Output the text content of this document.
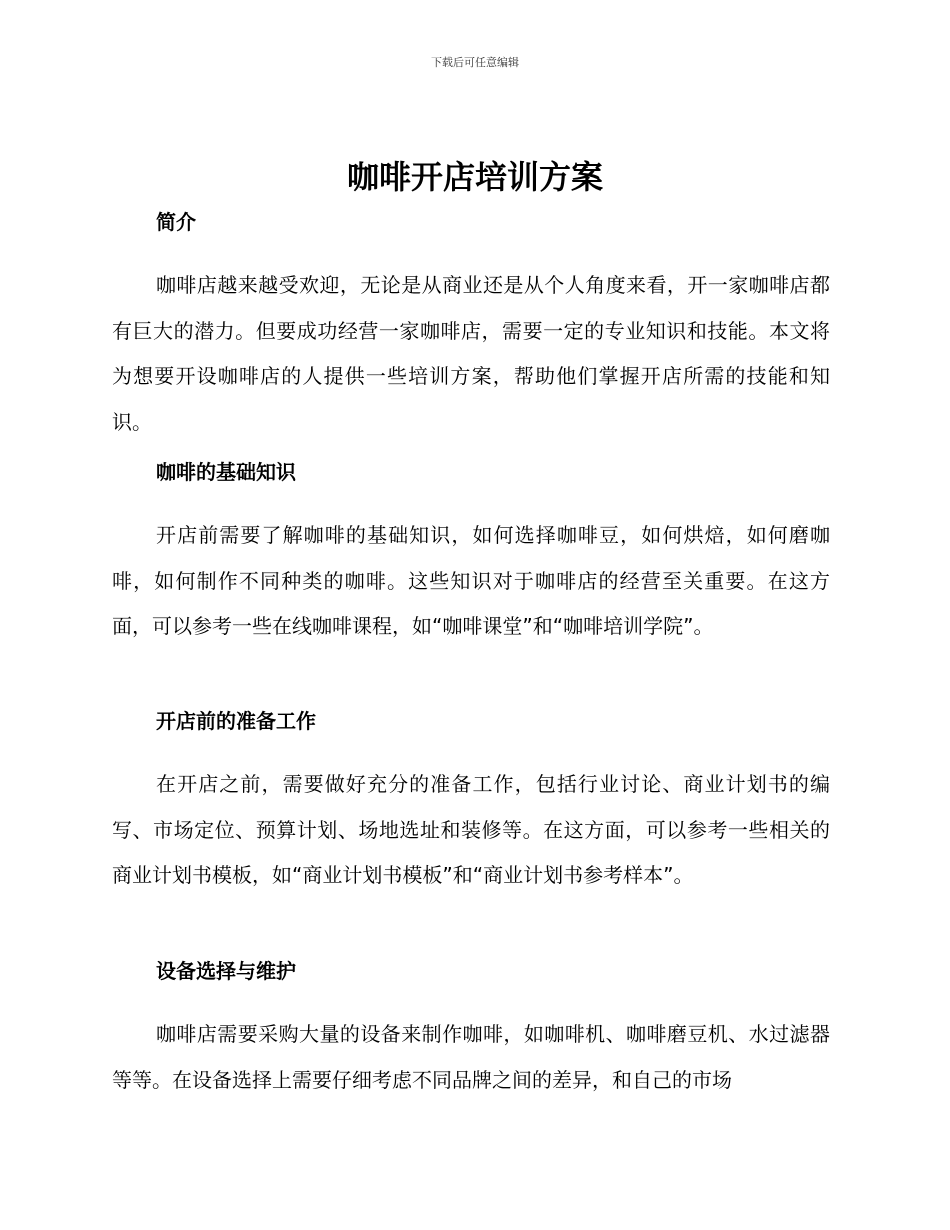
下载后可任意编辑
咖啡开店培训方案
简介
咖啡店越来越受欢迎，无论是从商业还是从个人角度来看，开一家咖啡店都有巨大的潜力。但要成功经营一家咖啡店，需要一定的专业知识和技能。本文将为想要开设咖啡店的人提供一些培训方案，帮助他们掌握开店所需的技能和知识。
咖啡的基础知识
开店前需要了解咖啡的基础知识，如何选择咖啡豆，如何烘焙，如何磨咖啡，如何制作不同种类的咖啡。这些知识对于咖啡店的经营至关重要。在这方面，可以参考一些在线咖啡课程，如“咖啡课堂”和“咖啡培训学院”。
开店前的准备工作
在开店之前，需要做好充分的准备工作，包括行业讨论、商业计划书的编写、市场定位、预算计划、场地选址和装修等。在这方面，可以参考一些相关的商业计划书模板，如“商业计划书模板”和“商业计划书参考样本”。
设备选择与维护
咖啡店需要采购大量的设备来制作咖啡，如咖啡机、咖啡磨豆机、水过滤器等等。在设备选择上需要仔细考虑不同品牌之间的差异，和自己的市场
